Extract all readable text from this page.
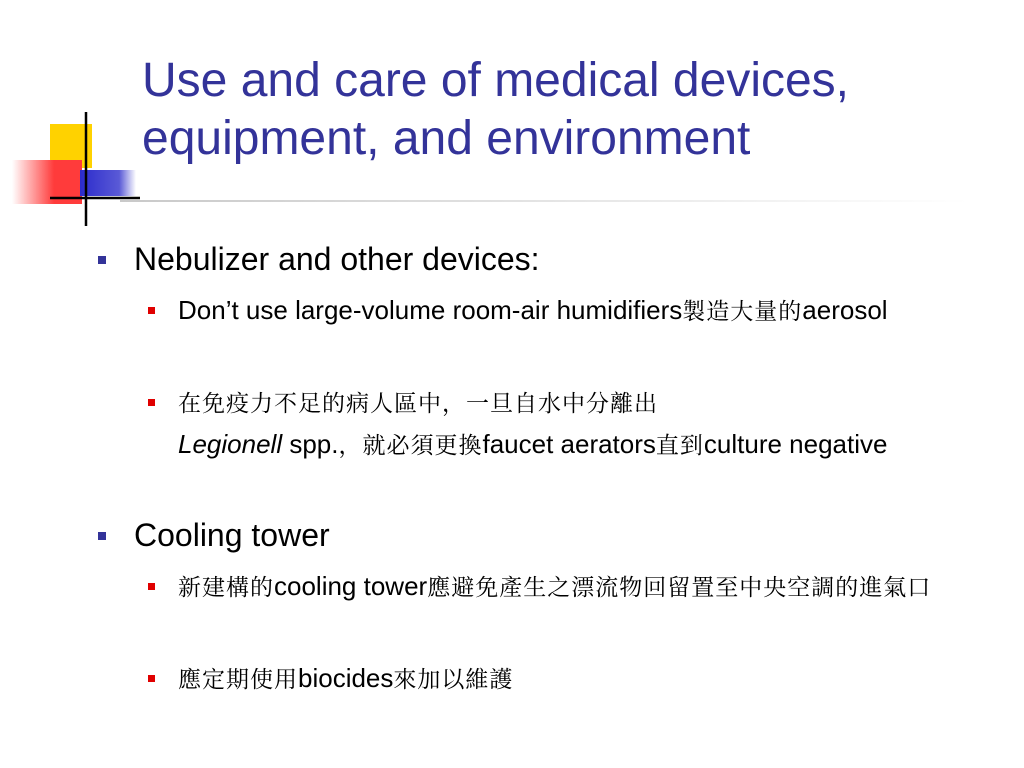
Use and care of medical devices,
equipment, and environment
Nebulizer and other devices:
Don’t use large-volume room-air humidifiers製造大量的aerosol
在免疫力不足的病人區中，一旦自水中分離出
Legionell spp.，就必須更換faucet aerators直到culture negative
Cooling tower
新建構的cooling tower應避免產生之漂流物回留置至中央空調的進氣口
應定期使用biocides來加以維護
